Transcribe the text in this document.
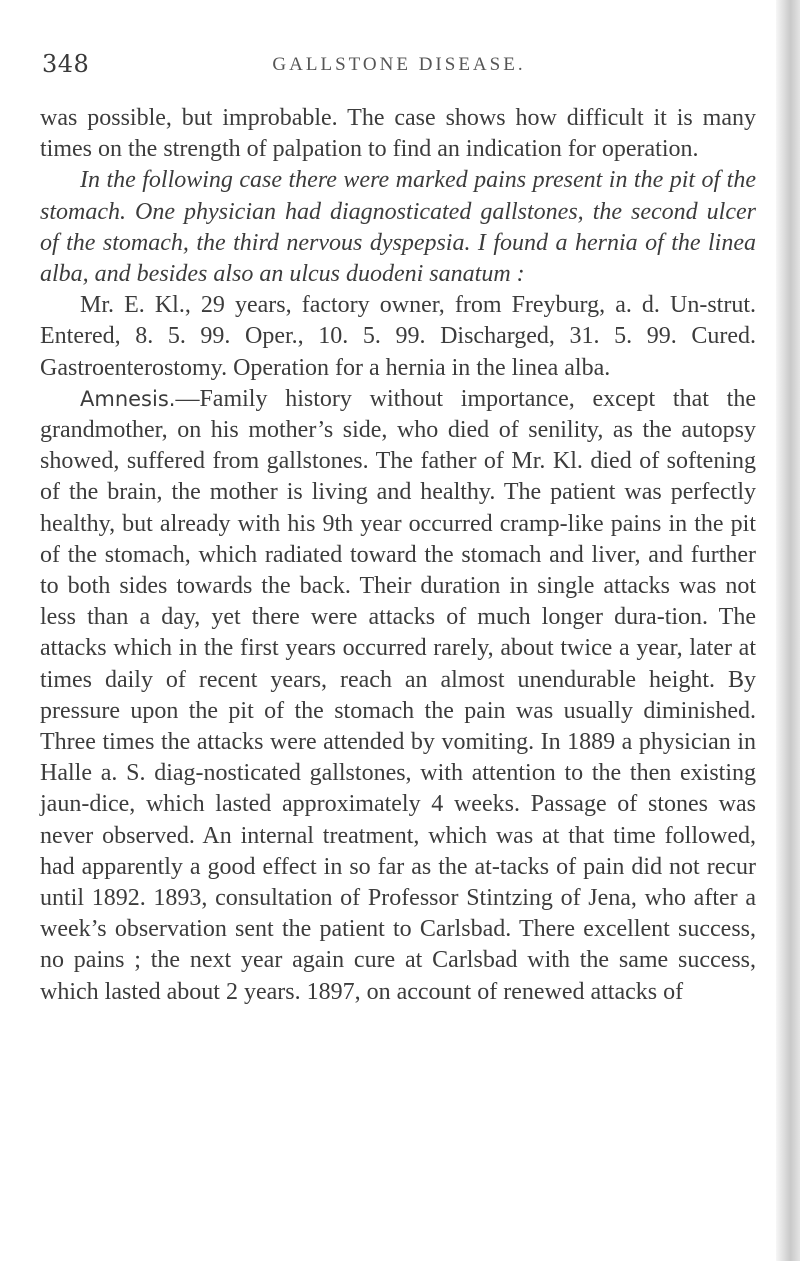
348	GALLSTONE DISEASE.

was possible, but improbable. The case shows how difficult it is many times on the strength of palpation to find an indication for operation.

In the following case there were marked pains present in the pit of the stomach. One physician had diagnosticated gallstones, the second ulcer of the stomach, the third nervous dyspepsia. I found a hernia of the linea alba, and besides also an ulcus duodeni sanatum :

Mr. E. Kl., 29 years, factory owner, from Freyburg, a. d. Un-strut. Entered, 8. 5. 99. Oper., 10. 5. 99. Discharged, 31. 5. 99. Cured. Gastroenterostomy. Operation for a hernia in the linea alba.

Amnesis.—Family history without importance, except that the grandmother, on his mother’s side, who died of senility, as the autopsy showed, suffered from gallstones. The father of Mr. Kl. died of softening of the brain, the mother is living and healthy. The patient was perfectly healthy, but already with his 9th year occurred cramp-like pains in the pit of the stomach, which radiated toward the stomach and liver, and further to both sides towards the back. Their duration in single attacks was not less than a day, yet there were attacks of much longer dura-tion. The attacks which in the first years occurred rarely, about twice a year, later at times daily of recent years, reach an almost unendurable height. By pressure upon the pit of the stomach the pain was usually diminished. Three times the attacks were attended by vomiting. In 1889 a physician in Halle a. S. diag-nosticated gallstones, with attention to the then existing jaun-dice, which lasted approximately 4 weeks. Passage of stones was never observed. An internal treatment, which was at that time followed, had apparently a good effect in so far as the at-tacks of pain did not recur until 1892. 1893, consultation of Professor Stintzing of Jena, who after a week’s observation sent the patient to Carlsbad. There excellent success, no pains ; the next year again cure at Carlsbad with the same success, which lasted about 2 years. 1897, on account of renewed attacks of
